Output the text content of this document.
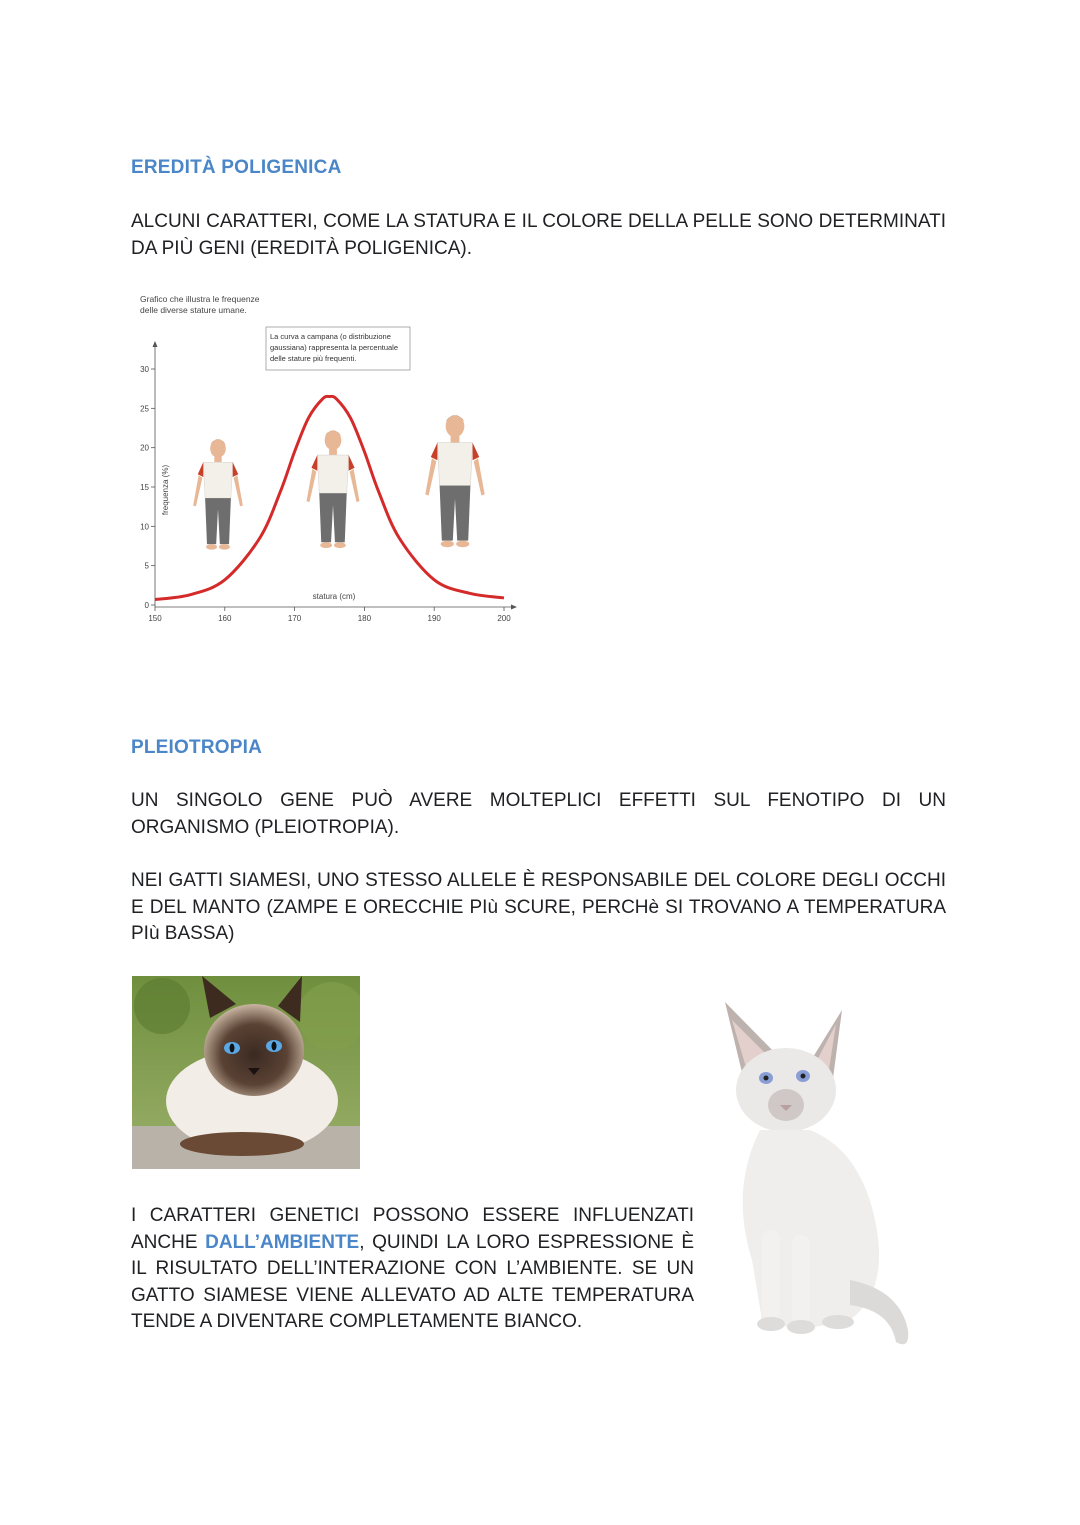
EREDITÀ POLIGENICA
ALCUNI CARATTERI, COME LA STATURA E IL COLORE DELLA PELLE SONO DETERMINATI DA PIÙ GENI (EREDITÀ POLIGENICA).
Grafico che illustra le frequenze
delle diverse stature umane.
La curva a campana (o distribuzione
gaussiana) rappresenta la percentuale
delle stature più frequenti.
0
5
10
15
20
25
30
150	160	170	180	190	200
frequenza (%)
statura (cm)
PLEIOTROPIA
UN SINGOLO GENE PUÒ AVERE MOLTEPLICI EFFETTI SUL FENOTIPO DI UN ORGANISMO (PLEIOTROPIA).
NEI GATTI SIAMESI, UNO STESSO ALLELE È RESPONSABILE DEL COLORE DEGLI OCCHI E DEL MANTO (ZAMPE E ORECCHIE PIù SCURE, PERCHè SI TROVANO A TEMPERATURA PIù BASSA)
I CARATTERI GENETICI POSSONO ESSERE INFLUENZATI ANCHE DALL’AMBIENTE, QUINDI LA LORO ESPRESSIONE È IL RISULTATO DELL’INTERAZIONE CON L’AMBIENTE. SE UN GATTO SIAMESE VIENE ALLEVATO AD ALTE TEMPERATURA TENDE A DIVENTARE COMPLETAMENTE BIANCO.
